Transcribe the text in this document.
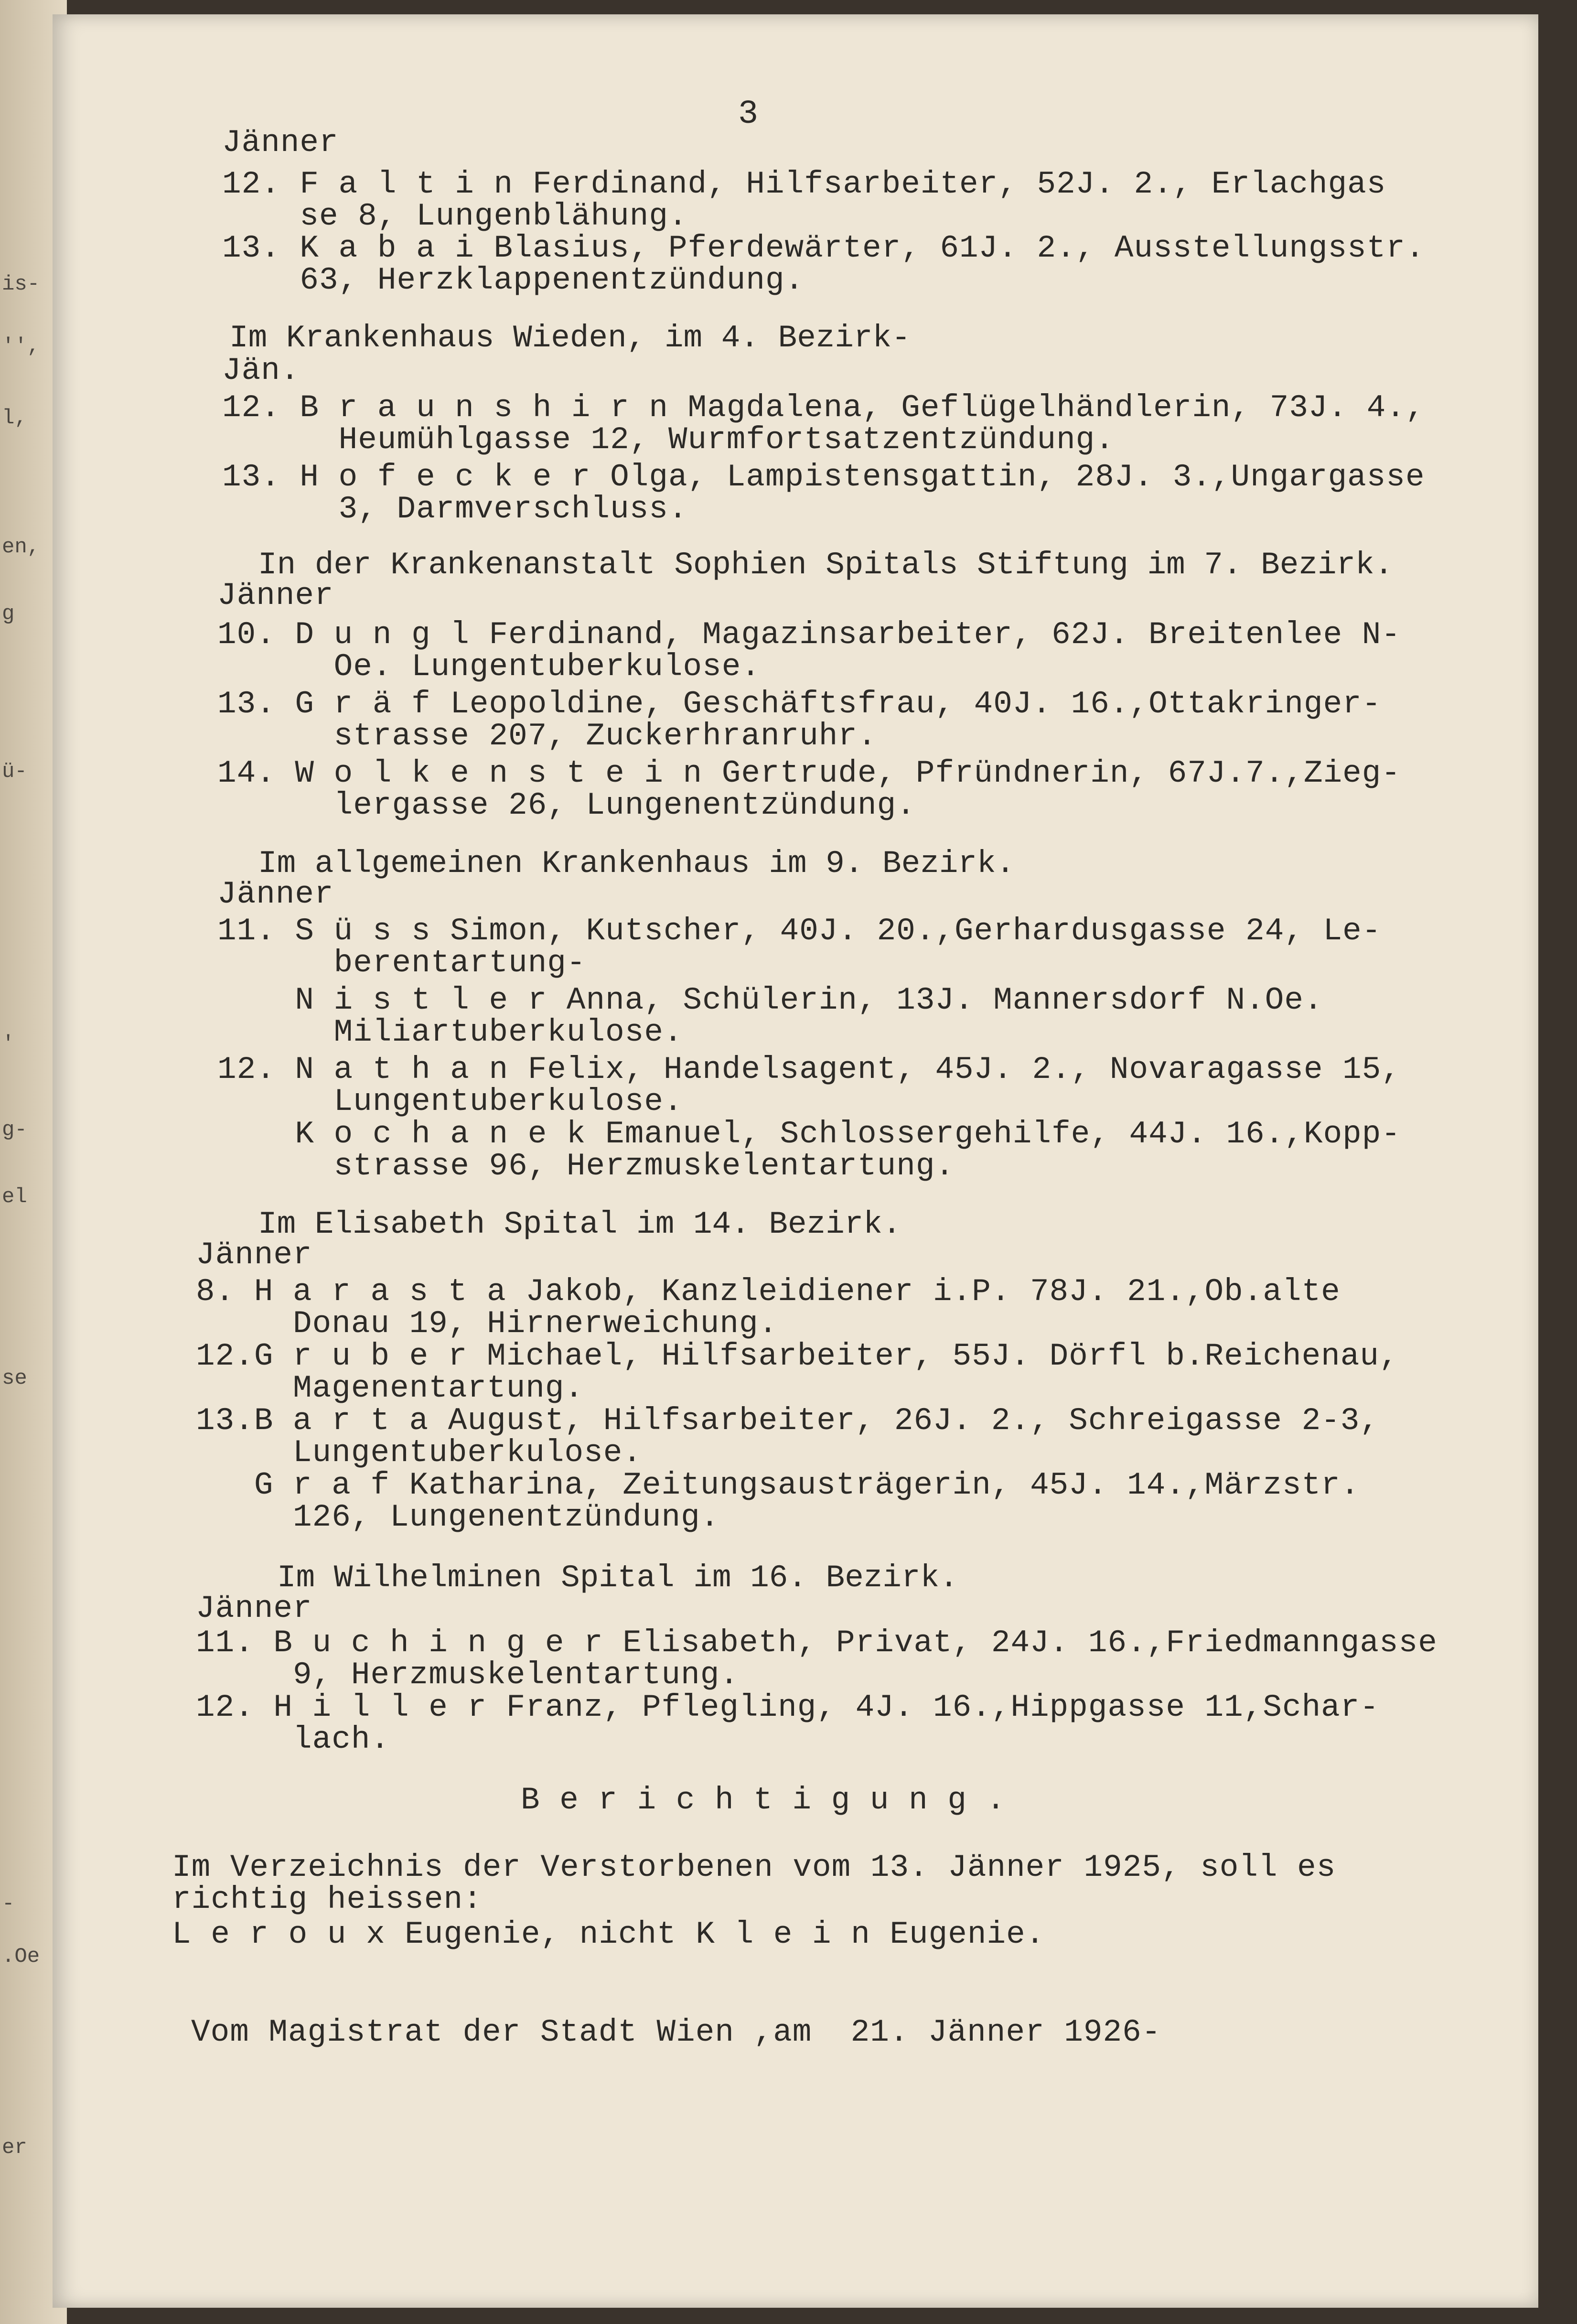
is-
'',
l,
en,
g
ü-
'
g-
el
se
-
.Oe
er
3

Jänner

12. F a l t i n Ferdinand, Hilfsarbeiter, 52J. 2., Erlachgas

se 8, Lungenblähung.

13. K a b a i Blasius, Pferdewärter, 61J. 2., Ausstellungsstr.

63, Herzklappenentzündung.

Im Krankenhaus Wieden, im 4. Bezirk-

Jän.

12. B r a u n s h i r n Magdalena, Geflügelhändlerin, 73J. 4.,

Heumühlgasse 12, Wurmfortsatzentzündung.

13. H o f e c k e r Olga, Lampistensgattin, 28J. 3.,Ungargasse

3, Darmverschluss.

In der Krankenanstalt Sophien Spitals Stiftung im 7. Bezirk.

Jänner

10. D u n g l Ferdinand, Magazinsarbeiter, 62J. Breitenlee N-

Oe. Lungentuberkulose.

13. G r ä f Leopoldine, Geschäftsfrau, 40J. 16.,Ottakringer-

strasse 207, Zuckerhranruhr.

14. W o l k e n s t e i n Gertrude, Pfründnerin, 67J.7.,Zieg-

lergasse 26, Lungenentzündung.

Im allgemeinen Krankenhaus im 9. Bezirk.

Jänner

11. S ü s s Simon, Kutscher, 40J. 20.,Gerhardusgasse 24, Le-

berentartung-

N i s t l e r Anna, Schülerin, 13J. Mannersdorf N.Oe.

Miliartuberkulose.

12. N a t h a n Felix, Handelsagent, 45J. 2., Novaragasse 15,

Lungentuberkulose.

K o c h a n e k Emanuel, Schlossergehilfe, 44J. 16.,Kopp-

strasse 96, Herzmuskelentartung.

Im Elisabeth Spital im 14. Bezirk.

Jänner

8. H a r a s t a Jakob, Kanzleidiener i.P. 78J. 21.,Ob.alte

Donau 19, Hirnerweichung.

12.G r u b e r Michael, Hilfsarbeiter, 55J. Dörfl b.Reichenau,

Magenentartung.

13.B a r t a August, Hilfsarbeiter, 26J. 2., Schreigasse 2-3,

Lungentuberkulose.

G r a f Katharina, Zeitungsausträgerin, 45J. 14.,Märzstr.

126, Lungenentzündung.

Im Wilhelminen Spital im 16. Bezirk.

Jänner

11. B u c h i n g e r Elisabeth, Privat, 24J. 16.,Friedmanngasse

9, Herzmuskelentartung.

12. H i l l e r Franz, Pflegling, 4J. 16.,Hippgasse 11,Schar-

lach.

B e r i c h t i g u n g .

Im Verzeichnis der Verstorbenen vom 13. Jänner 1925, soll es

richtig heissen:

L e r o u x Eugenie, nicht K l e i n Eugenie.

Vom Magistrat der Stadt Wien ,am  21. Jänner 1926-
